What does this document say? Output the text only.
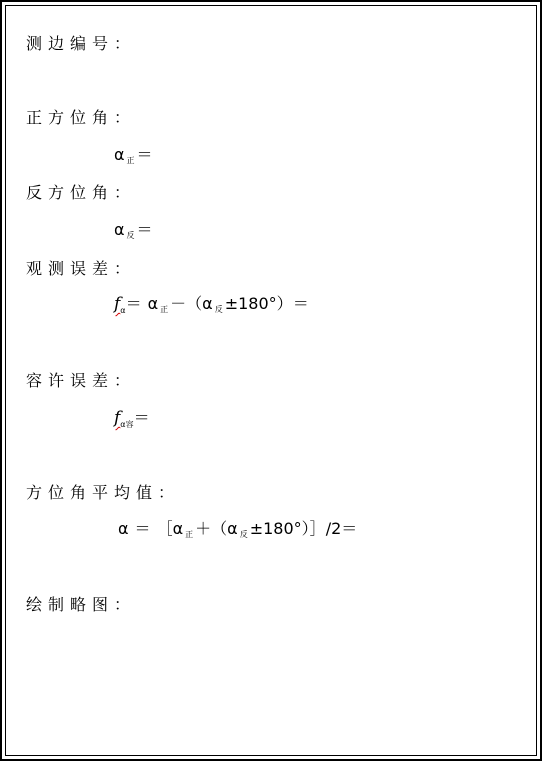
测边编号：
正方位角：
α $_正$ ＝
反方位角：
α $_反$ ＝
观测误差：
$f_\alpha= \alpha$ $_正$ －（α $_反$ ±180°）＝
容许误差：
$f_{\alpha 容}=$
方位角平均值：
α ＝ ［α $_正$ ＋（α $_反$ ±180°）］/2＝
绘制略图：
